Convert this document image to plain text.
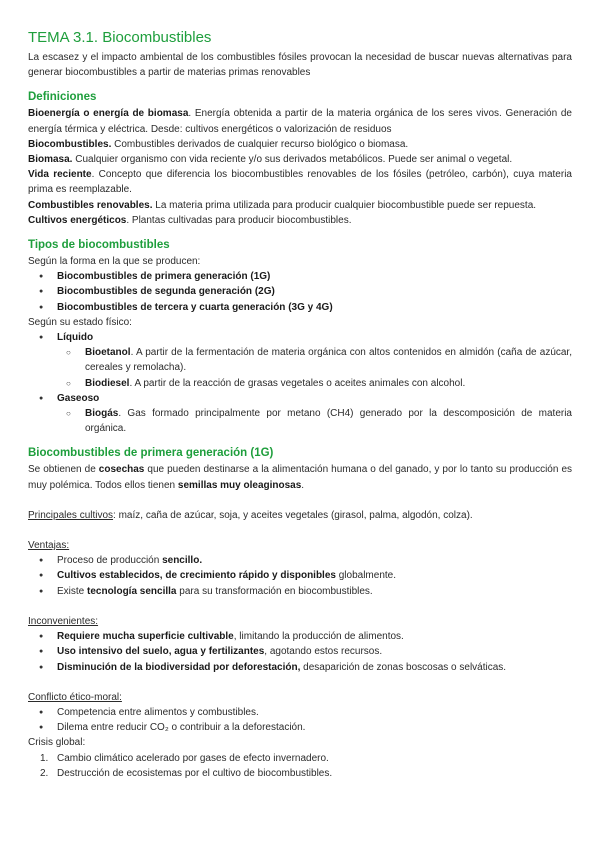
TEMA 3.1. Biocombustibles

La escasez y el impacto ambiental de los combustibles fósiles provocan la necesidad de buscar nuevas alternativas para generar biocombustibles a partir de materias primas renovables

Definiciones

Bioenergía o energía de biomasa. Energía obtenida a partir de la materia orgánica de los seres vivos. Generación de energía térmica y eléctrica. Desde: cultivos energéticos o valorización de residuos

Biocombustibles. Combustibles derivados de cualquier recurso biológico o biomasa.

Biomasa. Cualquier organismo con vida reciente y/o sus derivados metabólicos. Puede ser animal o vegetal.

Vida reciente. Concepto que diferencia los biocombustibles renovables de los fósiles (petróleo, carbón), cuya materia prima es reemplazable.

Combustibles renovables. La materia prima utilizada para producir cualquier biocombustible puede ser repuesta.

Cultivos energéticos. Plantas cultivadas para producir biocombustibles.

Tipos de biocombustibles

Según la forma en la que se producen:

● Biocombustibles de primera generación (1G)
● Biocombustibles de segunda generación (2G)
● Biocombustibles de tercera y cuarta generación (3G y 4G)

Según su estado físico:

● Líquido
○ Bioetanol. A partir de la fermentación de materia orgánica con altos contenidos en almidón (caña de azúcar, cereales y remolacha).
○ Biodiesel. A partir de la reacción de grasas vegetales o aceites animales con alcohol.
● Gaseoso
○ Biogás. Gas formado principalmente por metano (CH4) generado por la descomposición de materia orgánica.
Biocombustibles de primera generación (1G)

Se obtienen de cosechas que pueden destinarse a la alimentación humana o del ganado, y por lo tanto su producción es muy polémica. Todos ellos tienen semillas muy oleaginosas.

Principales cultivos: maíz, caña de azúcar, soja, y aceites vegetales (girasol, palma, algodón, colza).

Ventajas:

● Proceso de producción sencillo.
● Cultivos establecidos, de crecimiento rápido y disponibles globalmente.
● Existe tecnología sencilla para su transformación en biocombustibles.

Inconvenientes:

● Requiere mucha superficie cultivable, limitando la producción de alimentos.
● Uso intensivo del suelo, agua y fertilizantes, agotando estos recursos.
● Disminución de la biodiversidad por deforestación, desaparición de zonas boscosas o selváticas.

Conflicto ético-moral:

● Competencia entre alimentos y combustibles.
● Dilema entre reducir CO₂ o contribuir a la deforestación.

Crisis global:

1. Cambio climático acelerado por gases de efecto invernadero.
2. Destrucción de ecosistemas por el cultivo de biocombustibles.
